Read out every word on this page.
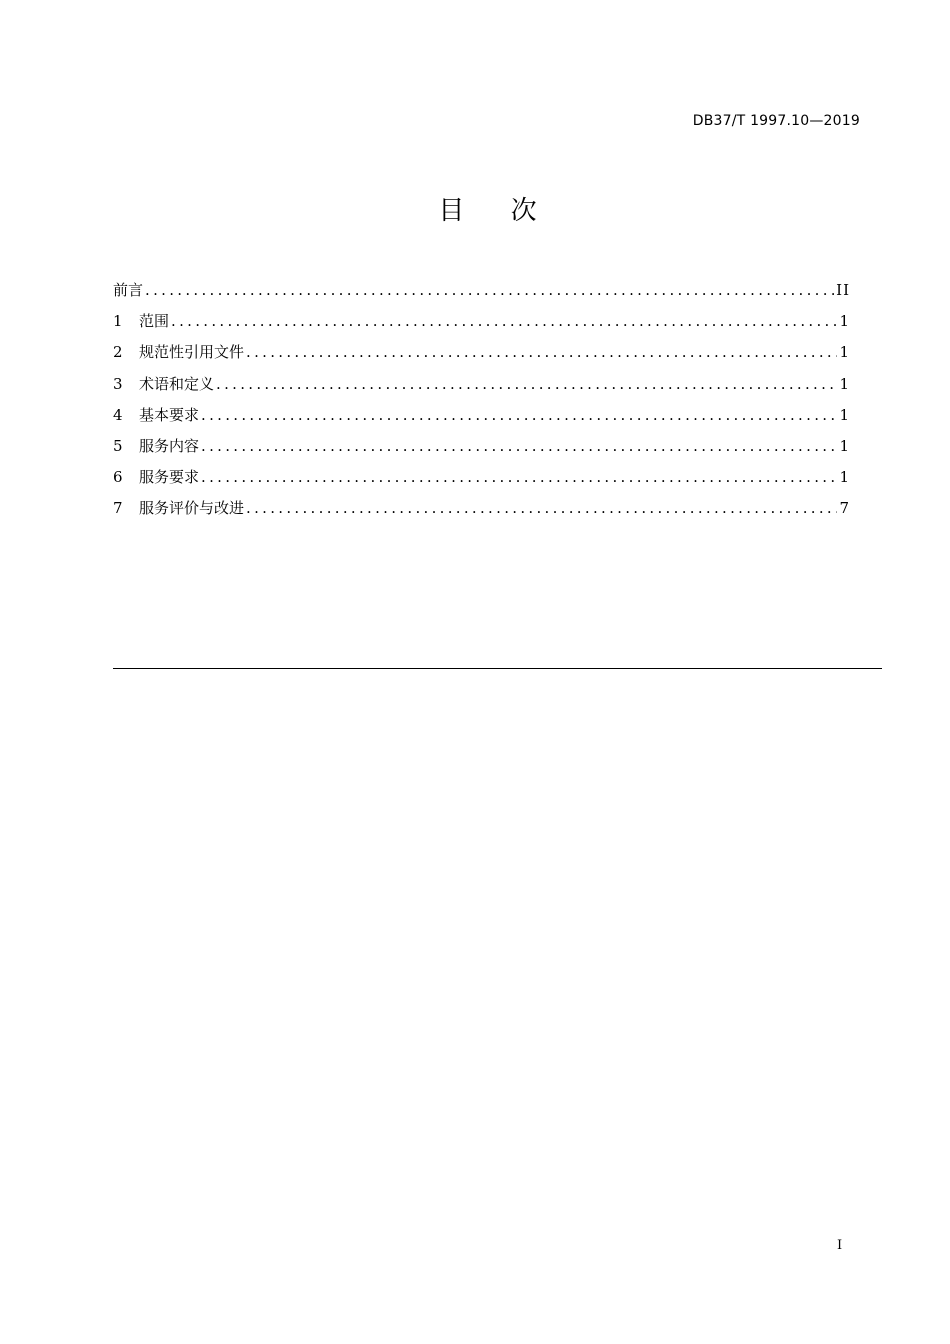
DB37/T 1997.10—2019
目 次
前言 .....	II
1	范围 .....	1
2	规范性引用文件 .....	1
3	术语和定义 .....	1
4	基本要求 .....	1
5	服务内容 .....	1
6	服务要求 .....	1
7	服务评价与改进 .....	7
I
